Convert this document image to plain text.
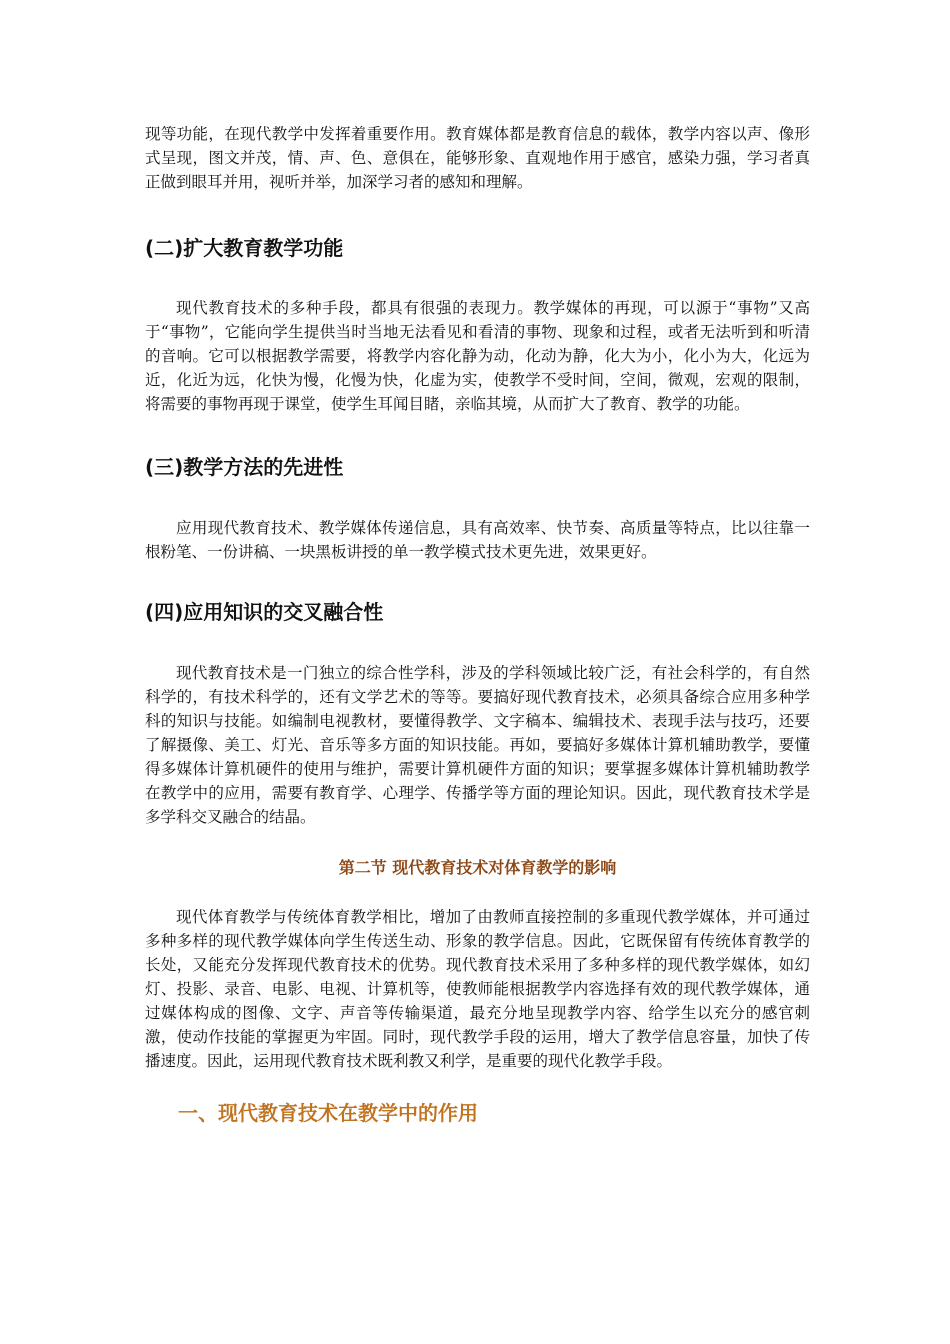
现等功能，在现代教学中发挥着重要作用。教育媒体都是教育信息的载体，教学内容以声、像形式呈现，图文并茂，情、声、色、意俱在，能够形象、直观地作用于感官，感染力强，学习者真正做到眼耳并用，视听并举，加深学习者的感知和理解。

(二)扩大教育教学功能

现代教育技术的多种手段，都具有很强的表现力。教学媒体的再现，可以源于“事物”又高于“事物”，它能向学生提供当时当地无法看见和看清的事物、现象和过程，或者无法听到和听清的音响。它可以根据教学需要，将教学内容化静为动，化动为静，化大为小，化小为大，化远为近，化近为远，化快为慢，化慢为快，化虚为实，使教学不受时间，空间，微观，宏观的限制，将需要的事物再现于课堂，使学生耳闻目睹，亲临其境，从而扩大了教育、教学的功能。

(三)教学方法的先进性

应用现代教育技术、教学媒体传递信息，具有高效率、快节奏、高质量等特点，比以往靠一根粉笔、一份讲稿、一块黑板讲授的单一教学模式技术更先进，效果更好。

(四)应用知识的交叉融合性

现代教育技术是一门独立的综合性学科，涉及的学科领域比较广泛，有社会科学的，有自然科学的，有技术科学的，还有文学艺术的等等。要搞好现代教育技术，必须具备综合应用多种学科的知识与技能。如编制电视教材，要懂得教学、文字稿本、编辑技术、表现手法与技巧，还要了解摄像、美工、灯光、音乐等多方面的知识技能。再如，要搞好多媒体计算机辅助教学，要懂得多媒体计算机硬件的使用与维护，需要计算机硬件方面的知识；要掌握多媒体计算机辅助教学在教学中的应用，需要有教育学、心理学、传播学等方面的理论知识。因此，现代教育技术学是多学科交叉融合的结晶。

第二节 现代教育技术对体育教学的影响

现代体育教学与传统体育教学相比，增加了由教师直接控制的多重现代教学媒体，并可通过多种多样的现代教学媒体向学生传送生动、形象的教学信息。因此，它既保留有传统体育教学的长处，又能充分发挥现代教育技术的优势。现代教育技术采用了多种多样的现代教学媒体，如幻灯、投影、录音、电影、电视、计算机等，使教师能根据教学内容选择有效的现代教学媒体，通过媒体构成的图像、文字、声音等传输渠道，最充分地呈现教学内容、给学生以充分的感官刺激，使动作技能的掌握更为牢固。同时，现代教学手段的运用，增大了教学信息容量，加快了传播速度。因此，运用现代教育技术既利教又利学，是重要的现代化教学手段。

一、现代教育技术在教学中的作用
